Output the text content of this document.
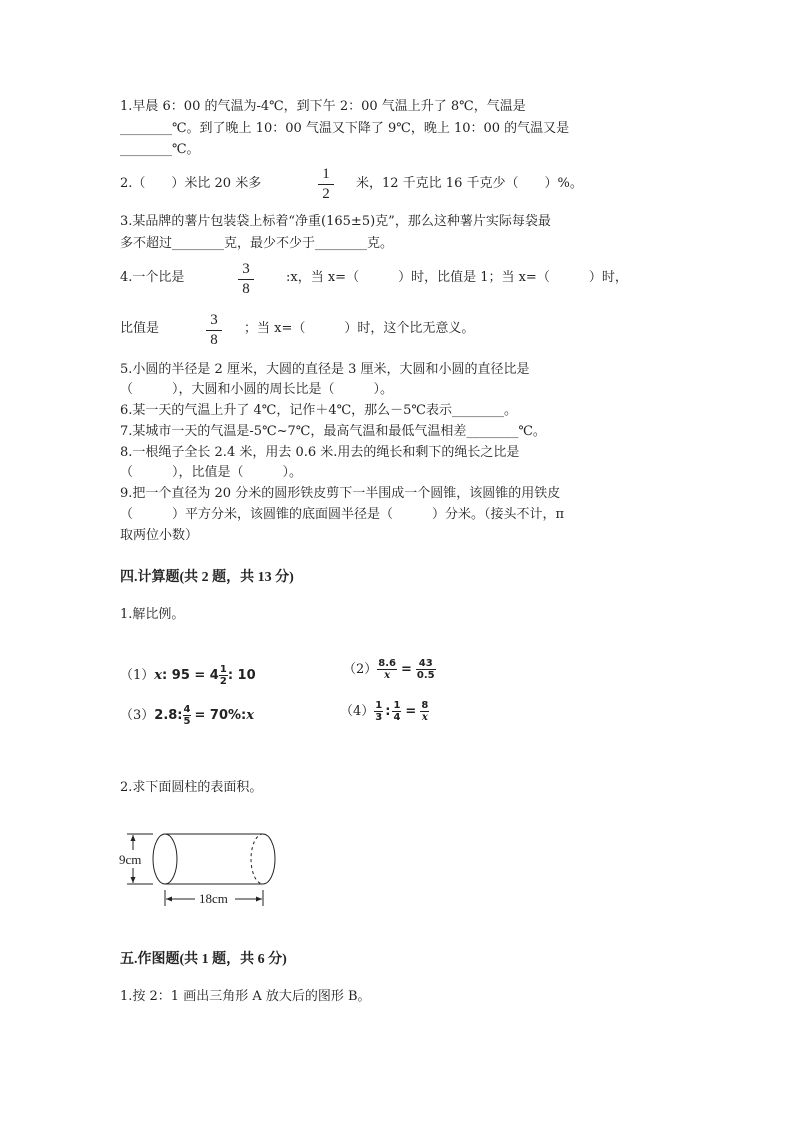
1.早晨 6：00 的气温为-4℃，到下午 2：00 气温上升了 8℃，气温是
________℃。到了晚上 10：00 气温又下降了 9℃，晚上 10：00 的气温又是
________℃。
2.（　　）米比 20 米多
1
2
米，12 千克比 16 千克少（　　）%。
3.某品牌的薯片包装袋上标着“净重(165±5)克”，那么这种薯片实际每袋最
多不超过________克，最少不少于________克。
4.一个比是
3
8
:x，当 x=（　　　）时，比值是 1；当 x=（　　　）时，
比值是
3
8
；当 x=（　　　）时，这个比无意义。
5.小圆的半径是 2 厘米，大圆的直径是 3 厘米，大圆和小圆的直径比是
（　　　），大圆和小圆的周长比是（　　　）。
6.某一天的气温上升了 4℃，记作＋4℃，那么－5℃表示________。
7.某城市一天的气温是-5℃~7℃，最高气温和最低气温相差________℃。
8.一根绳子全长 2.4 米，用去 0.6 米.用去的绳长和剩下的绳长之比是
（　　　），比值是（　　　）。
9.把一个直径为 20 分米的圆形铁皮剪下一半围成一个圆锥，该圆锥的用铁皮
（　　　）平方分米，该圆锥的底面圆半径是（　　　）分米。（接头不计，π
取两位小数）
四.计算题(共 2 题，共 13 分)
1.解比例。
（1）x: $95 = 4 \frac{1}{2}$ : 10	$(2) \frac{8.6}{x} = \frac{43}{0.5}$
（3）2.8: $\frac{4}{5}$ = 70%:x	$(4) \frac{1}{3}$ : $\frac{1}{4} = \frac{8}{x}$
2.求下面圆柱的表面积。
9cm
18cm
五.作图题(共 1 题，共 6 分)
1.按 2：1 画出三角形 A 放大后的图形 B。
